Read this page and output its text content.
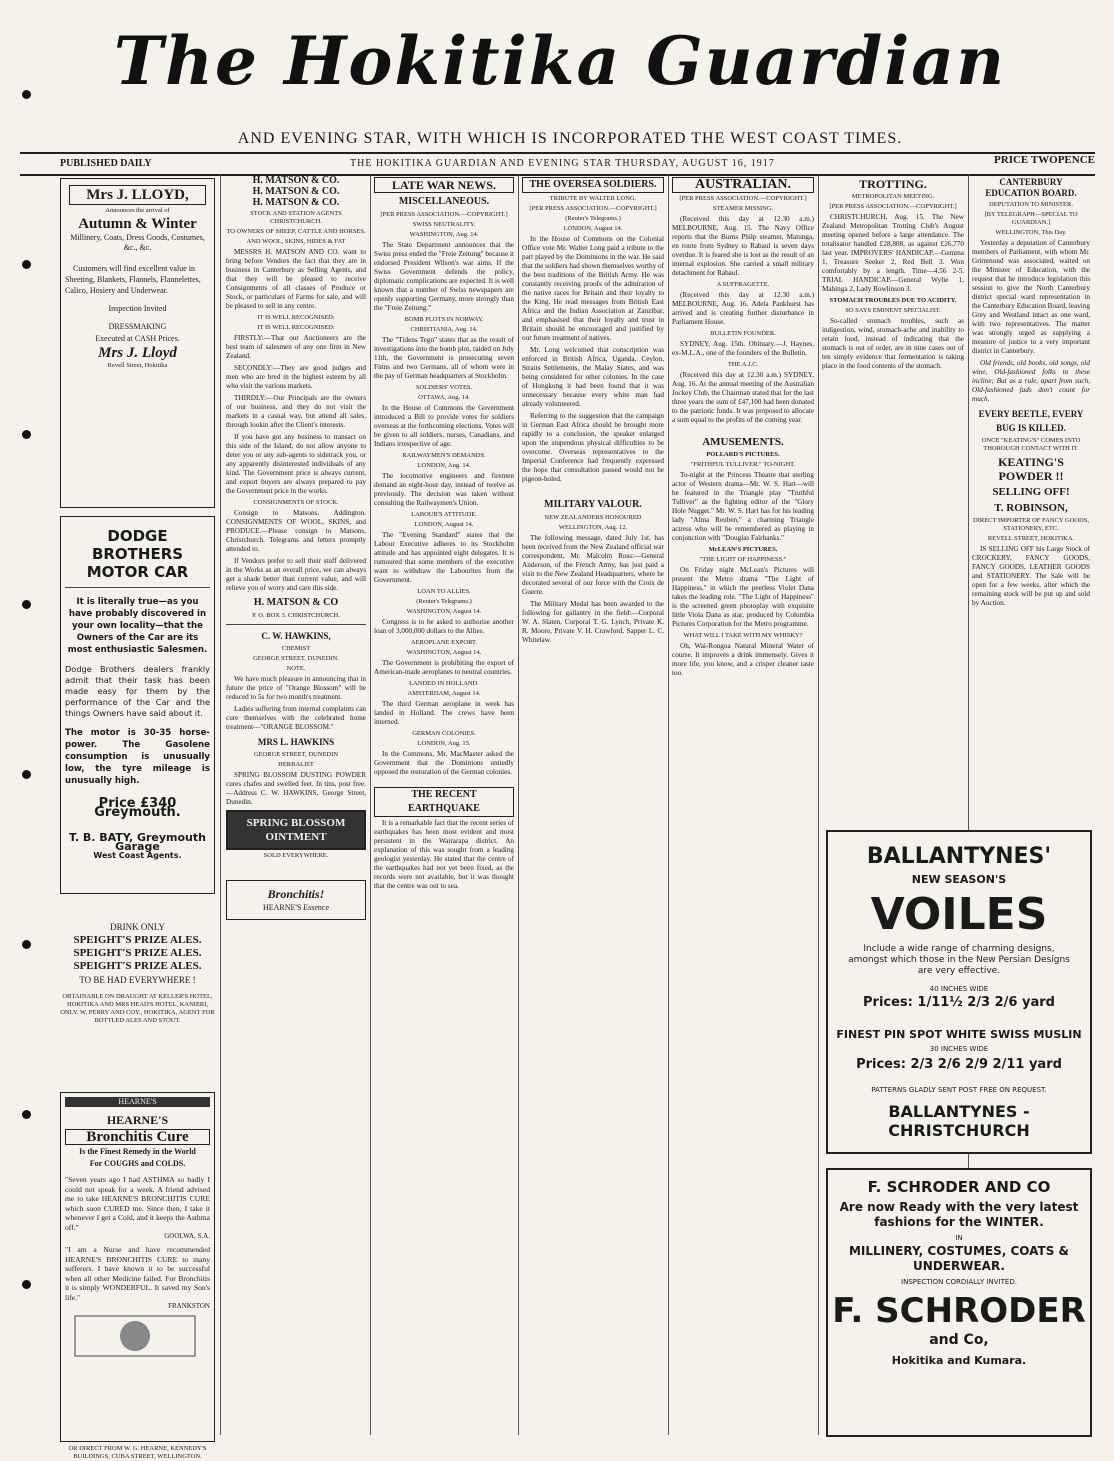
The Hokitika Guardian
AND EVENING STAR, WITH WHICH IS INCORPORATED THE WEST COAST TIMES.
PUBLISHED DAILY	THE HOKITIKA GUARDIAN AND EVENING STAR THURSDAY, AUGUST 16, 1917	PRICE TWOPENCE
Mrs J. LLOYD,
Announces the arrival of
Autumn & Winter
Millinery, Coats, Dress Goods, Costumes, &c., &c.
Customers will find excellent value in Sheeting, Blankets, Flannels, Flannelettes, Calico, Hosiery and Underwear.
Inspection Invited
DRESSMAKING
Executed at CASH Prices.
Mrs J. Lloyd
Revell Street, Hokitika
DODGE BROTHERS MOTOR CAR
It is literally true—as you have probably discovered in your own locality—that the Owners of the Car are its most enthusiastic Salesmen.
Dodge Brothers dealers frankly admit that their task has been made easy for them by the performance of the Car and the things Owners have said about it.
The motor is 30-35 horse-power. The Gasolene consumption is unusually low, the tyre mileage is unusually high.
Price £340 Greymouth.
T. B. BATY, Greymouth Garage
West Coast Agents.
DRINK ONLY
SPEIGHT'S PRIZE ALES.
SPEIGHT'S PRIZE ALES.
SPEIGHT'S PRIZE ALES.
TO BE HAD EVERYWHERE !
OBTAINABLE ON DRAUGHT AT KELLER'S HOTEL, HOKITIKA AND MRS HEAD'S HOTEL, KANIERI, ONLY. W. PERRY AND COY., HOKITIKA, AGENT FOR BOTTLED ALES AND STOUT.
HEARNE'S
HEARNE'S
Bronchitis Cure
Is the Finest Remedy in the World
For COUGHS and COLDS.
"Seven years ago I had ASTHMA so badly I could not speak for a week. A friend advised me to take HEARNE'S BRONCHITIS CURE which soon CURED me. Since then, I take it whenever I get a Cold, and it keeps the Asthma off."
GOOLWA, S.A.
"I am a Nurse and have recommended HEARNE'S BRONCHITIS CURE to many sufferers. I have known it to be successful when all other Medicine failed. For Bronchitis it is simply WONDERFUL. It saved my Son's life."
FRANKSTON
OR DIRECT FROM W. G. HEARNE, KENNEDY'S BUILDINGS, CUBA STREET, WELLINGTON.
H. MATSON & CO.
H. MATSON & CO.
H. MATSON & CO.
STOCK AND STATION AGENTS CHRISTCHURCH.
TO OWNERS OF SHEEP, CATTLE AND HORSES.
AND WOOL, SKINS, HIDES & FAT
MESSRS H. MATSON AND CO. want to bring before Vendors the fact that they are in business in Canterbury as Selling Agents, and that they will be pleased to receive Consignments of all classes of Produce or Stock, or particulars of Farms for sale, and will be pleased to sell in any centre.
IT IS WELL RECOGNISED:
IT IS WELL RECOGNISED:
FIRSTLY:—That our Auctioneers are the best team of salesmen of any one firm in New Zealand.
SECONDLY:—They are good judges and men who are bred in the highest esteem by all who visit the various markets.
THIRDLY:—Our Principals are the owners of our business, and they do not visit the markets in a casual way, but attend all sales, through lookin after the Client's interests.
If you have got any business to transact on this side of the Island, do not allow anyone to deter you or any sub-agents to sidetrack you, or any apparently disinterested individuals of any kind. The Government price is always current, and export buyers are always prepared to pay the Government price in the works.
CONSIGNMENTS OF STOCK.
Consign to Matsons, Addington. CONSIGNMENTS OF WOOL, SKINS, and PRODUCE.—Please consign to Matsons, Christchurch. Telegrams and letters promptly attended to.
If Vendors prefer to sell their stuff delivered in the Works as an overall price, we can always get a shade better than current value, and will relieve you of worry and care this side.
H. MATSON & CO
P. O. BOX 3. CHRISTCHURCH.
C. W. HAWKINS,
CHEMIST
GEORGE STREET, DUNEDIN.
NOTE.
We have much pleasure in announcing that in future the price of "Orange Blossom" will be reduced to 5s for two month's treatment.
Ladies suffering from internal complaints can cure themselves with the celebrated home treatment—"ORANGE BLOSSOM."
MRS L. HAWKINS
GEORGE STREET, DUNEDIN
HERBALIST
SPRING BLOSSOM DUSTING POWDER cures chafes and swelled feet. In tins, post free.—Address C. W. HAWKINS, George Street, Dunedin.
SPRING BLOSSOM OINTMENT
SOLD EVERYWHERE.
Bronchitis!
HEARNE'S Essence
LATE WAR NEWS.
MISCELLANEOUS.
[PER PRESS ASSOCIATION.—COPYRIGHT.]
SWISS NEUTRALITY.
WASHINGTON, Aug. 14.
The State Department announces that the Swiss press ended the "Freie Zeitung" because it endorsed President Wilson's war aims. If the Swiss Government defends the policy, diplomatic complications are expected. It is well known that a number of Swiss newspapers are openly supporting Germany, more strongly than the "Freie Zeitung."
BOMB PLOTS IN NORWAY.
CHRISTIANIA, Aug. 14.
The "Tidens Tegn" states that as the result of investigations into the bomb plot, raided on July 11th, the Government is prosecuting seven Finns and two Germans, all of whom were in the pay of German headquarters at Stockholm.
SOLDIERS' VOTES.
OTTAWA, Aug. 14.
In the House of Commons the Government introduced a Bill to provide votes for soldiers overseas at the forthcoming elections. Votes will be given to all soldiers, nurses, Canadians, and Indians irrespective of age.
RAILWAYMEN'S DEMANDS.
LONDON, Aug. 14.
The locomotive engineers and firemen demand an eight-hour day, instead of twelve as previously. The decision was taken without consulting the Railwaymen's Union.
LABOUR'S ATTITUDE.
LONDON, August 14.
The "Evening Standard" states that the Labour Executive adheres to its Stockholm attitude and has appointed eight delegates. It is rumoured that some members of the executive want to withdraw the Labourites from the Government.
LOAN TO ALLIES.
(Reuter's Telegrams.)
WASHINGTON, August 14.
Congress is to be asked to authorise another loan of 3,000,000 dollars to the Allies.
AEROPLANE EXPORT.
WASHINGTON, August 14.
The Government is prohibiting the export of American-made aeroplanes to neutral countries.
LANDED IN HOLLAND.
AMSTERDAM, August 14.
The third German aeroplane in week has landed in Holland. The crews have been interned.
GERMAN COLONIES.
LONDON, Aug. 15.
In the Commons, Mr. MacMaster asked the Government that the Dominions unitedly opposed the restoration of the German colonies.
THE RECENT EARTHQUAKE
It is a remarkable fact that the recent series of earthquakes has been most evident and most persistent in the Wairarapa district. An explanation of this was sought from a leading geologist yesterday. He stated that the centre of the earthquakes had not yet been fixed, as the records were not available, but it was thought that the centre was out to sea.
THE OVERSEA SOLDIERS.
TRIBUTE BY WALTER LONG.
[PER PRESS ASSOCIATION.—COPYRIGHT.]
(Reuter's Telegrams.)
LONDON, August 14.
In the House of Commons on the Colonial Office vote Mr. Walter Long paid a tribute to the part played by the Dominions in the war. He said that the soldiers had shown themselves worthy of the best traditions of the British Army. He was constantly receiving proofs of the admiration of the native races for Britain and their loyalty to the King. He read messages from British East Africa and the Indian Association at Zanzibar, and emphasised that their loyalty and trust in Britain should be encouraged and justified by our future treatment of natives.
Mr. Long welcomed that conscription was enforced in British Africa, Uganda, Ceylon, Straits Settlements, the Malay States, and was being considered for other colonies. In the case of Hongkong it had been found that it was unnecessary because every white man had already volunteered.
Referring to the suggestion that the campaign in German East Africa should be brought more rapidly to a conclusion, the speaker enlarged upon the stupendous physical difficulties to be overcome. Overseas representatives to the Imperial Conference had frequently expressed the hope that consultation passed would not be pigeon-holed.
MILITARY VALOUR.
NEW ZEALANDERS HONOURED
WELLINGTON, Aug. 12.
The following message, dated July 1st, has been received from the New Zealand official war correspondent, Mr. Malcolm Ross:—General Anderson, of the French Army, has just paid a visit to the New Zealand Headquarters, where he decorated several of our force with the Croix de Guerre.
The Military Medal has been awarded to the following for gallantry in the field:—Corporal W. A. Slaten, Corporal T. G. Lynch, Private K. R. Moore, Private V. H. Crawford, Sapper L. C. Whitelaw.
AUSTRALIAN.
[PER PRESS ASSOCIATION.—COPYRIGHT.]
STEAMER MISSING.
(Received this day at 12.30 a.m.) MELBOURNE, Aug. 15. The Navy Office reports that the Burns Philp steamer, Matunga, en route from Sydney to Rabaul is seven days overdue. It is feared she is lost as the result of an internal explosion. She carried a small military detachment for Rabaul.
A SUFFRAGETTE.
(Received this day at 12.30 a.m.) MELBOURNE, Aug. 16. Adela Pankhurst has arrived and is creating further disturbance in Parliament House.
BULLETIN FOUNDER.
SYDNEY, Aug. 15th. Obituary.—J. Haynes, ex-M.L.A., one of the founders of the Bulletin.
THE A.J.C.
(Received this day at 12.30 a.m.) SYDNEY, Aug. 16. At the annual meeting of the Australian Jockey Club, the Chairman stated that for the last three years the sum of £47,100 had been donated to the patriotic funds. It was proposed to allocate a sum equal to the profits of the coming year.
AMUSEMENTS.
POLLARD'S PICTURES.
"FRITHFUL TULLIVER." TO-NIGHT.
To-night at the Princess Theatre that sterling actor of Western drama—Mr. W. S. Hart—will be featured in the Triangle play "Truthful Tulliver" as the fighting editor of the "Glory Hole Nugget." Mr. W. S. Hart has for his leading lady "Alma Reuben," a charming Triangle actress who will be remembered as playing in conjunction with "Douglas Fairbanks."
McLEAN'S PICTURES.
"THE LIGHT OF HAPPINESS."
On Friday night McLean's Pictures will present the Metro drama "The Light of Happiness," in which the peerless Violet Dana takes the leading role. "The Light of Happiness" is the screened green photoplay with exquisite little Viola Dana as star, produced by Columbia Pictures Corporation for the Metro programme.
WHAT WILL I TAKE WITH MY WHISKY?
Oh, Wai-Rongoa Natural Mineral Water of course. It improves a drink immensely. Gives it more life, you know, and a crisper cleaner taste too.
TROTTING.
METROPOLITAN MEETING.
[PER PRESS ASSOCIATION.—COPYRIGHT.]
CHRISTCHURCH, Aug. 15. The New Zealand Metropolitan Trotting Club's August meeting opened before a large attendance. The totalisator handled £28,808, as against £26,770 last year. IMPROVERS' HANDICAP.—Gemma 1, Treasure Seeker 2, Red Bell 3. Won comfortably by a length. Time—4.56 2-5. TRIAL HANDICAP.—General Wylie 1, Mahinga 2, Lady Rowlinson 3.
STOMACH TROUBLES DUE TO ACIDITY.
SO SAYS EMINENT SPECIALIST.
So-called stomach troubles, such as indigestion, wind, stomach-ache and inability to retain food, instead of indicating that the stomach is out of order, are in nine cases out of ten simply evidence that fermentation is taking place in the food contents of the stomach.
CANTERBURY EDUCATION BOARD.
DEPUTATION TO MINISTER.
[BY TELEGRAPH—SPECIAL TO GUARDIAN.]
WELLINGTON, This Day.
Yesterday a deputation of Canterbury members of Parliament, with whom Mr. Grimmond was associated, waited on the Minister of Education, with the request that he introduce legislation this session to give the North Canterbury district special ward representation in the Canterbury Education Board, leaving Grey and Westland intact as one ward, with two representatives. The matter was strongly urged as supplying a measure of justice to a very important district in Canterbury.
Old friends, old books, old songs, old wine, Old-fashioned folks to these incline; But as a rule, apart from such, Old-fashioned fads don't count for much.
EVERY BEETLE, EVERY BUG IS KILLED.
ONCE "KEATING'S" COMES INTO THOROUGH CONTACT WITH IT.
KEATING'S POWDER !!
SELLING OFF!
T. ROBINSON,
DIRECT IMPORTER OF FANCY GOODS, STATIONERY, ETC.
REVELL STREET, HOKITIKA.
IS SELLING OFF his Large Stock of CROCKERY, FANCY GOODS, FANCY GOODS, LEATHER GOODS and STATIONERY. The Sale will be open for a few weeks, after which the remaining stock will be put up and sold by Auction.
BALLANTYNES'
NEW SEASON'S
VOILES
Include a wide range of charming designs, amongst which those in the New Persian Designs are very effective.
40 INCHES WIDE
Prices: 1/11½ 2/3 2/6 yard
FINEST PIN SPOT WHITE SWISS MUSLIN
30 INCHES WIDE
Prices: 2/3 2/6 2/9 2/11 yard
PATTERNS GLADLY SENT POST FREE ON REQUEST.
BALLANTYNES - CHRISTCHURCH
F. SCHRODER AND CO
Are now Ready with the very latest fashions for the WINTER.
IN
MILLINERY, COSTUMES, COATS & UNDERWEAR.
INSPECTION CORDIALLY INVITED.
F. SCHRODER
and Co,
Hokitika and Kumara.
